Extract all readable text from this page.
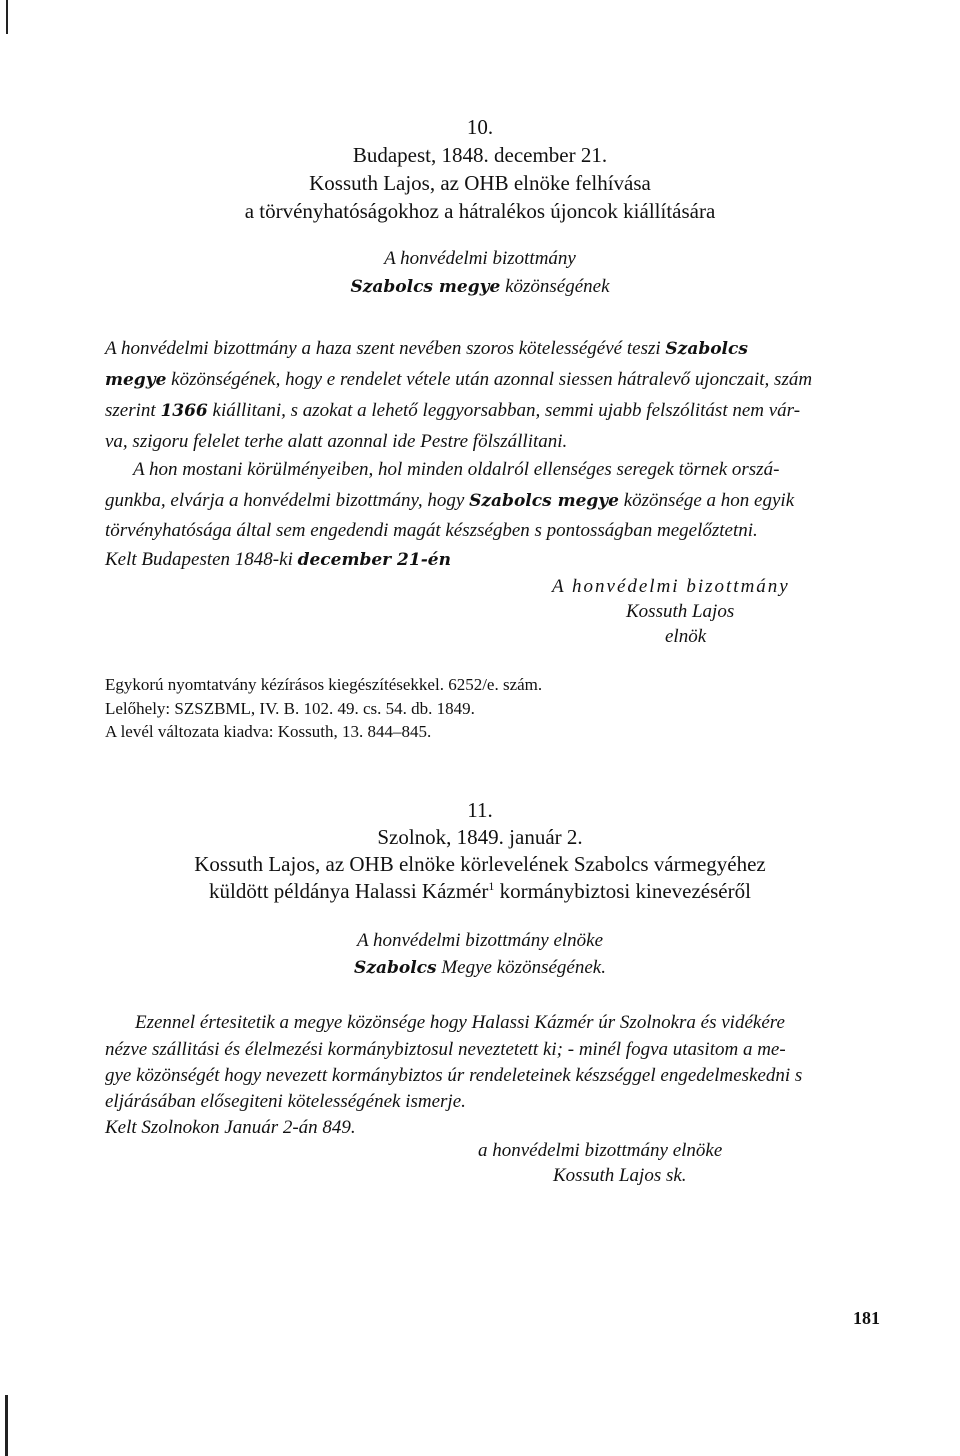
10.
Budapest, 1848. december 21.
Kossuth Lajos, az OHB elnöke felhívása
a törvényhatóságokhoz a hátralékos újoncok kiállítására
A honvédelmi bizottmány
Szabolcs megye közönségének
A honvédelmi bizottmány a haza szent nevében szoros kötelességévé teszi Szabolcs
megye közönségének, hogy e rendelet vétele után azonnal siessen hátralevő ujonczait, szám
szerint 1366 kiállitani, s azokat a lehető leggyorsabban, semmi ujabb felszólitást nem vár-
va, szigoru felelet terhe alatt azonnal ide Pestre fölszállitani.
A hon mostani körülményeiben, hol minden oldalról ellenséges seregek törnek orszá-
gunkba, elvárja a honvédelmi bizottmány, hogy Szabolcs megye közönsége a hon egyik
törvényhatósága által sem engedendi magát készségben s pontosságban megelőztetni.
Kelt Budapesten 1848-ki december 21-én
A honvédelmi bizottmány
Kossuth Lajos
elnök
Egykorú nyomtatvány kézírásos kiegészítésekkel. 6252/e. szám.
Lelőhely: SZSZBML, IV. B. 102. 49. cs. 54. db. 1849.
A levél változata kiadva: Kossuth, 13. 844–845.
11.
Szolnok, 1849. január 2.
Kossuth Lajos, az OHB elnöke körlevelének Szabolcs vármegyéhez
küldött példánya Halassi Kázmér$^1$ kormánybiztosi kinevezéséről
A honvédelmi bizottmány elnöke
Szabolcs Megye közönségének.
Ezennel értesitetik a megye közönsége hogy Halassi Kázmér úr Szolnokra és vidékére
nézve szállitási és élelmezési kormánybiztosul neveztetett ki; - minél fogva utasitom a me-
gye közönségét hogy nevezett kormánybiztos úr rendeleteinek készséggel engedelmeskedni s
eljárásában elősegiteni kötelességének ismerje.
Kelt Szolnokon Január 2-án 849.
a honvédelmi bizottmány elnöke
Kossuth Lajos sk.
181
